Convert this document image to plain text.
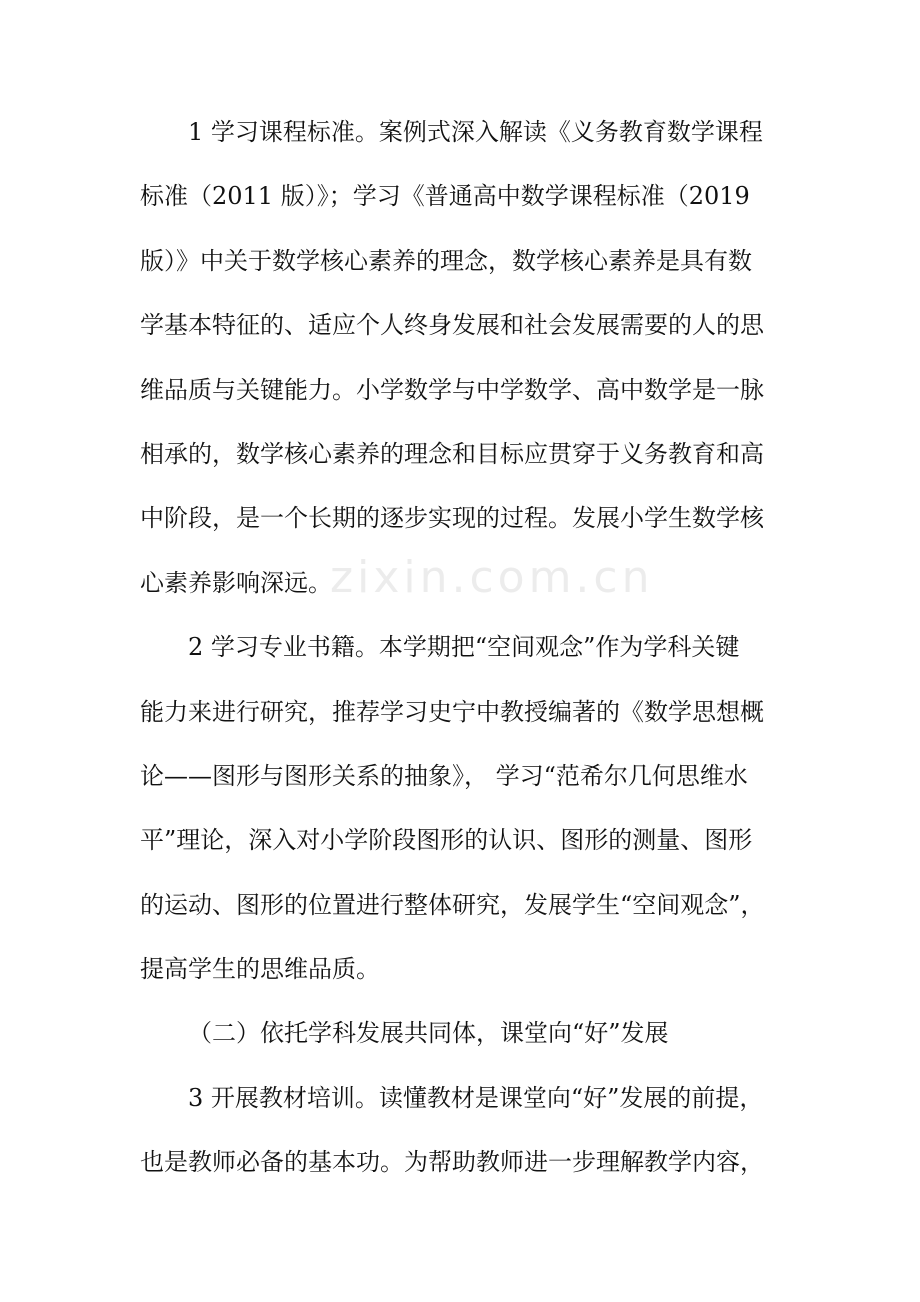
zixin.com.cn
1 学习课程标准。案例式深入解读《义务教育数学课程
标准（2011 版）》；学习《普通高中数学课程标准（2019
版）》中关于数学核心素养的理念，数学核心素养是具有数
学基本特征的、适应个人终身发展和社会发展需要的人的思
维品质与关键能力。小学数学与中学数学、高中数学是一脉
相承的，数学核心素养的理念和目标应贯穿于义务教育和高
中阶段，是一个长期的逐步实现的过程。发展小学生数学核
心素养影响深远。
2 学习专业书籍。本学期把“空间观念”作为学科关键
能力来进行研究，推荐学习史宁中教授编著的《数学思想概
论——图形与图形关系的抽象》， 学习“范希尔几何思维水
平”理论，深入对小学阶段图形的认识、图形的测量、图形
的运动、图形的位置进行整体研究，发展学生“空间观念”，
提高学生的思维品质。
（二）依托学科发展共同体，课堂向“好”发展
3 开展教材培训。读懂教材是课堂向“好”发展的前提，
也是教师必备的基本功。为帮助教师进一步理解教学内容，
